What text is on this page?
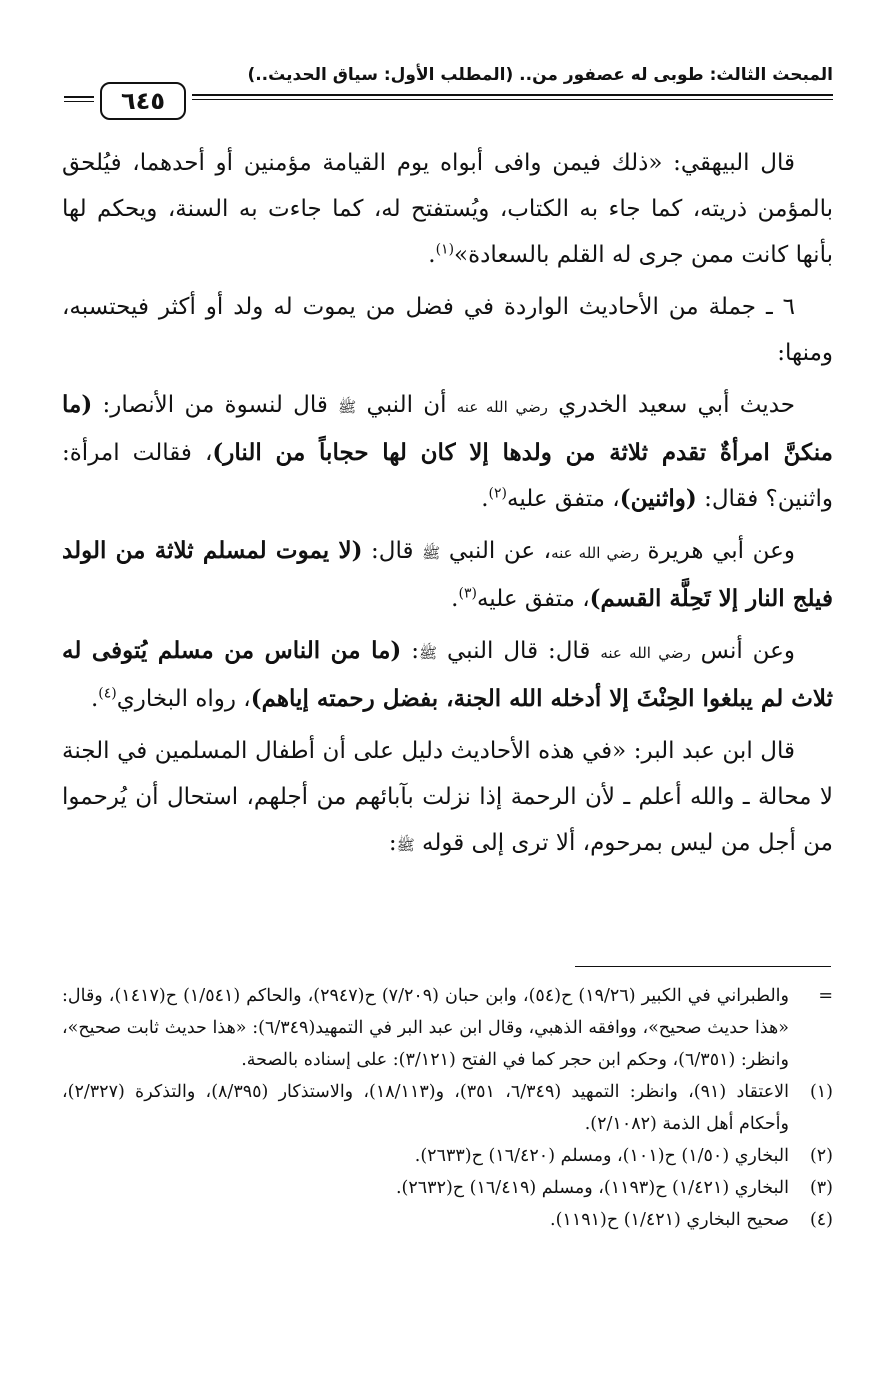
المبحث الثالث: طوبى له عصفور من.. (المطلب الأول: سياق الحديث..)
٦٤٥

قال البيهقي: «ذلك فيمن وافى أبواه يوم القيامة مؤمنين أو أحدهما، فيُلحق بالمؤمن ذريته، كما جاء به الكتاب، ويُستفتح له، كما جاءت به السنة، ويحكم لها بأنها كانت ممن جرى له القلم بالسعادة»$^{(١)}$.

٦ ـ جملة من الأحاديث الواردة في فضل من يموت له ولد أو أكثر فيحتسبه، ومنها:

حديث أبي سعيد الخدري رضي الله عنه أن النبي ﷺ قال لنسوة من الأنصار: (ما منكنَّ امرأةٌ تقدم ثلاثة من ولدها إلا كان لها حجاباً من النار)، فقالت امرأة: واثنين؟ فقال: (واثنين)، متفق عليه$^{(٢)}$.

وعن أبي هريرة رضي الله عنه، عن النبي ﷺ قال: (لا يموت لمسلم ثلاثة من الولد فيلج النار إلا تَحِلَّة القسم)، متفق عليه$^{(٣)}$.

وعن أنس رضي الله عنه قال: قال النبي ﷺ: (ما من الناس من مسلم يُتوفى له ثلاث لم يبلغوا الحِنْثَ إلا أدخله الله الجنة، بفضل رحمته إياهم)، رواه البخاري$^{(٤)}$.

قال ابن عبد البر: «في هذه الأحاديث دليل على أن أطفال المسلمين في الجنة لا محالة ـ والله أعلم ـ لأن الرحمة إذا نزلت بآبائهم من أجلهم، استحال أن يُرحموا من أجل من ليس بمرحوم، ألا ترى إلى قوله ﷺ:

=
والطبراني في الكبير (١٩/٢٦) ح(٥٤)، وابن حبان (٧/٢٠٩) ح(٢٩٤٧)، والحاكم (١/٥٤١) ح(١٤١٧)، وقال: «هذا حديث صحيح»، ووافقه الذهبي، وقال ابن عبد البر في التمهيد(٦/٣٤٩): «هذا حديث ثابت صحيح»، وانظر: (٦/٣٥١)، وحكم ابن حجر كما في الفتح (٣/١٢١): على إسناده بالصحة.
(١)
الاعتقاد (٩١)، وانظر: التمهيد (٦/٣٤٩، ٣٥١)، و(١٨/١١٣)، والاستذكار (٨/٣٩٥)، والتذكرة (٢/٣٢٧)، وأحكام أهل الذمة (٢/١٠٨٢).
(٢)
البخاري (١/٥٠) ح(١٠١)، ومسلم (١٦/٤٢٠) ح(٢٦٣٣).
(٣)
البخاري (١/٤٢١) ح(١١٩٣)، ومسلم (١٦/٤١٩) ح(٢٦٣٢).
(٤)
صحيح البخاري (١/٤٢١) ح(١١٩١).
